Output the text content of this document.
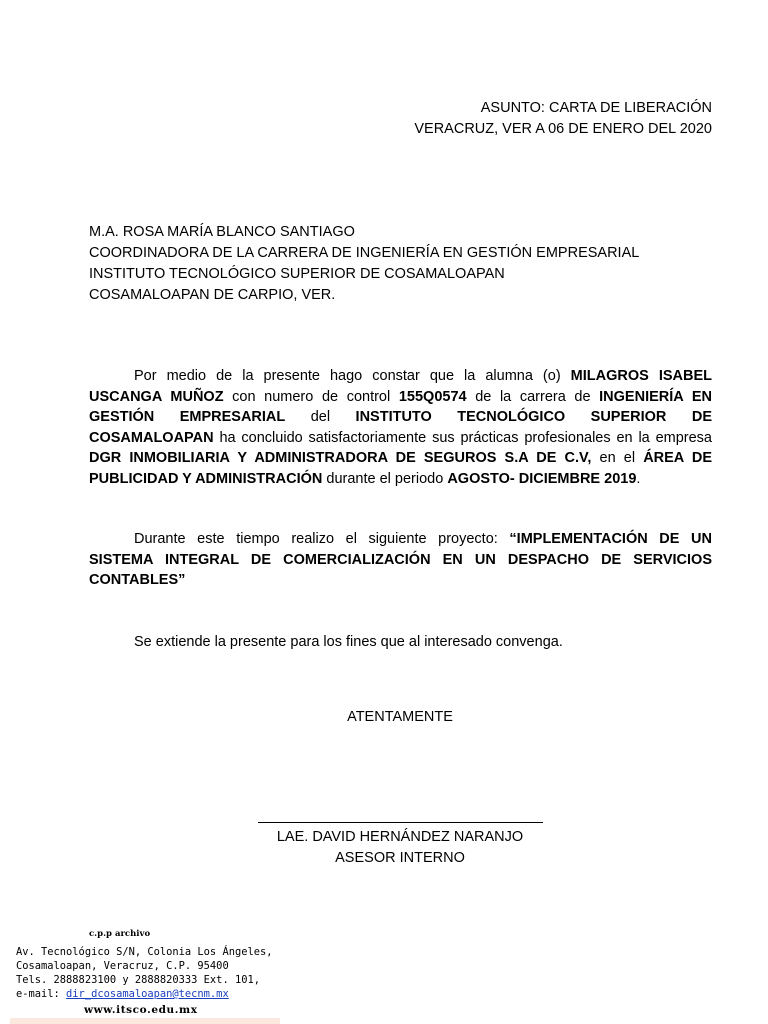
ASUNTO: CARTA DE LIBERACIÓN
VERACRUZ, VER A 06 DE ENERO DEL 2020
M.A. ROSA MARÍA BLANCO SANTIAGO
COORDINADORA DE LA CARRERA DE INGENIERÍA EN GESTIÓN EMPRESARIAL
INSTITUTO TECNOLÓGICO SUPERIOR DE COSAMALOAPAN
COSAMALOAPAN DE CARPIO, VER.

Por medio de la presente hago constar que la alumna (o) MILAGROS ISABEL USCANGA MUÑOZ con numero de control 155Q0574 de la carrera de INGENIERÍA EN GESTIÓN EMPRESARIAL del INSTITUTO TECNOLÓGICO SUPERIOR DE COSAMALOAPAN ha concluido satisfactoriamente sus prácticas profesionales en la empresa DGR INMOBILIARIA Y ADMINISTRADORA DE SEGUROS S.A DE C.V, en el ÁREA DE PUBLICIDAD Y ADMINISTRACIÓN durante el periodo AGOSTO- DICIEMBRE 2019.

Durante este tiempo realizo el siguiente proyecto: “IMPLEMENTACIÓN DE UN SISTEMA INTEGRAL DE COMERCIALIZACIÓN EN UN DESPACHO DE SERVICIOS CONTABLES”

Se extiende la presente para los fines que al interesado convenga.

ATENTAMENTE
LAE. DAVID HERNÁNDEZ NARANJO
ASESOR INTERNO
c.p.p archivo
Av. Tecnológico S/N, Colonia Los Ángeles,
Cosamaloapan, Veracruz, C.P. 95400
Tels. 2888823100 y 2888820333 Ext. 101,
e-mail: dir_dcosamaloapan@tecnm.mx
www.itsco.edu.mx
